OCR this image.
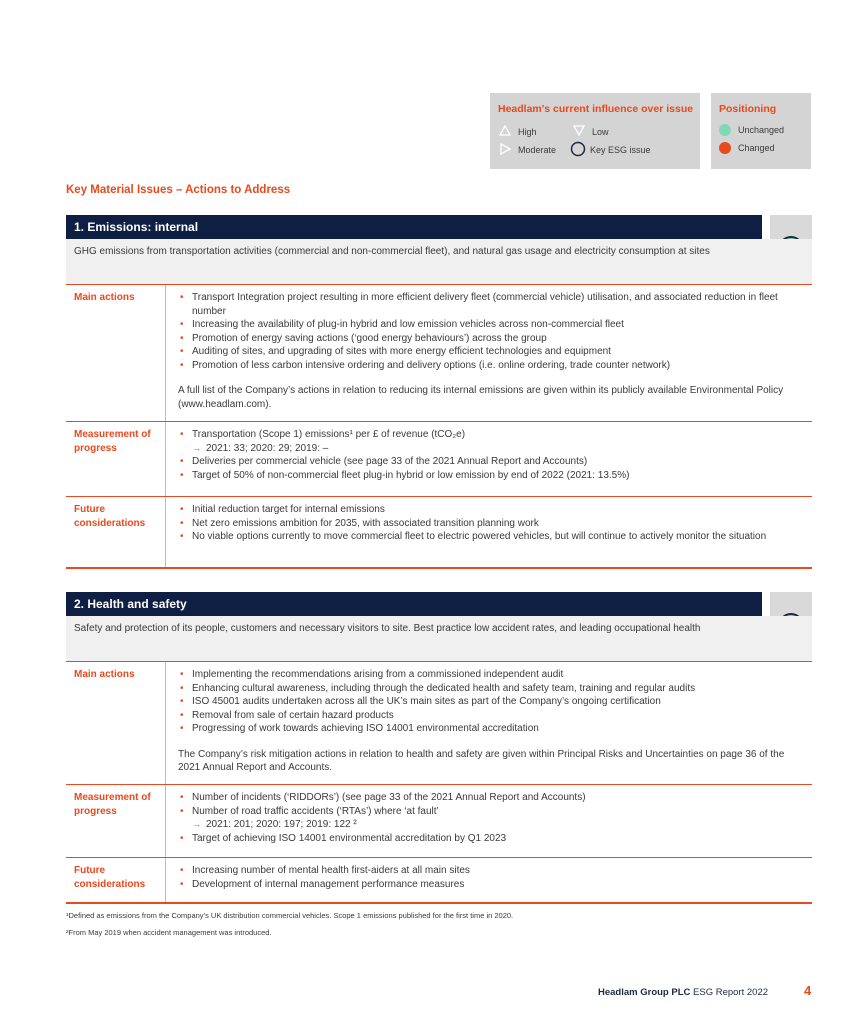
Headlam's current influence over issue
High	Low
Moderate	Key ESG issue
Positioning
Unchanged
Changed
Key Material Issues – Actions to Address
1. Emissions: internal
GHG emissions from transportation activities (commercial and non-commercial fleet), and natural gas usage and electricity consumption at sites
Main actions	• Transport Integration project resulting in more efficient delivery fleet (commercial vehicle) utilisation, and associated reduction in fleet number
• Increasing the availability of plug-in hybrid and low emission vehicles across non-commercial fleet
• Promotion of energy saving actions (‘good energy behaviours’) across the group
• Auditing of sites, and upgrading of sites with more energy efficient technologies and equipment
• Promotion of less carbon intensive ordering and delivery options (i.e. online ordering, trade counter network)
A full list of the Company’s actions in relation to reducing its internal emissions are given within its publicly available Environmental Policy (www.headlam.com).
Measurement of progress
• Transportation (Scope 1) emissions¹ per £ of revenue (tCO₂e)
→ 2021: 33; 2020: 29; 2019: –
• Deliveries per commercial vehicle (see page 33 of the 2021 Annual Report and Accounts)
• Target of 50% of non-commercial fleet plug-in hybrid or low emission by end of 2022 (2021: 13.5%)
Future considerations
• Initial reduction target for internal emissions
• Net zero emissions ambition for 2035, with associated transition planning work
• No viable options currently to move commercial fleet to electric powered vehicles, but will continue to actively monitor the situation
2. Health and safety
Safety and protection of its people, customers and necessary visitors to site. Best practice low accident rates, and leading occupational health
Main actions	• Implementing the recommendations arising from a commissioned independent audit
• Enhancing cultural awareness, including through the dedicated health and safety team, training and regular audits
• ISO 45001 audits undertaken across all the UK’s main sites as part of the Company’s ongoing certification
• Removal from sale of certain hazard products
• Progressing of work towards achieving ISO 14001 environmental accreditation
The Company’s risk mitigation actions in relation to health and safety are given within Principal Risks and Uncertainties on page 36 of the 2021 Annual Report and Accounts.
Measurement of progress
• Number of incidents (‘RIDDORs’) (see page 33 of the 2021 Annual Report and Accounts)
• Number of road traffic accidents (‘RTAs’) where ‘at fault’
→ 2021: 201; 2020: 197; 2019: 122 ²
• Target of achieving ISO 14001 environmental accreditation by Q1 2023
Future considerations
• Increasing number of mental health first-aiders at all main sites
• Development of internal management performance measures
¹Defined as emissions from the Company’s UK distribution commercial vehicles. Scope 1 emissions published for the first time in 2020.
²From May 2019 when accident management was introduced.
Headlam Group PLC ESG Report 2022	4
